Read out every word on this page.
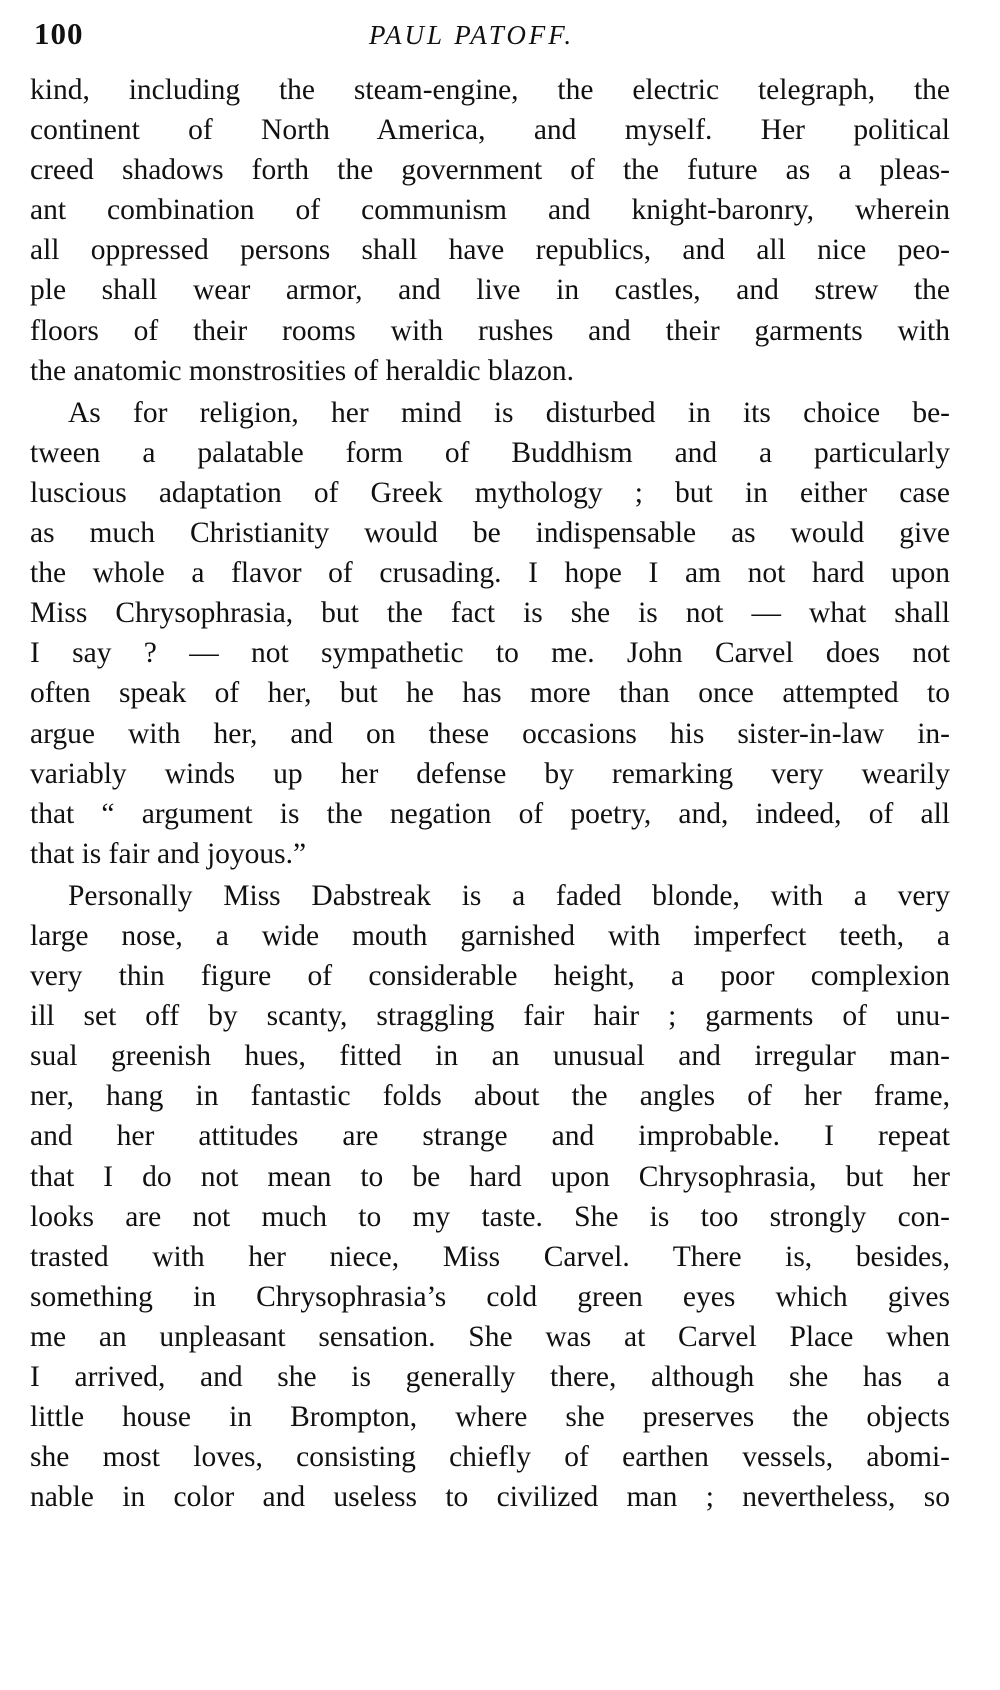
100	PAUL PATOFF.
kind, including the steam-engine, the electric telegraph, the
continent of North America, and myself. Her political
creed shadows forth the government of the future as a pleas-
ant combination of communism and knight-baronry, wherein
all oppressed persons shall have republics, and all nice peo-
ple shall wear armor, and live in castles, and strew the
floors of their rooms with rushes and their garments with
the anatomic monstrosities of heraldic blazon.
As for religion, her mind is disturbed in its choice be-
tween a palatable form of Buddhism and a particularly
luscious adaptation of Greek mythology ; but in either case
as much Christianity would be indispensable as would give
the whole a flavor of crusading. I hope I am not hard upon
Miss Chrysophrasia, but the fact is she is not — what shall
I say ? — not sympathetic to me. John Carvel does not
often speak of her, but he has more than once attempted to
argue with her, and on these occasions his sister-in-law in-
variably winds up her defense by remarking very wearily
that “ argument is the negation of poetry, and, indeed, of all
that is fair and joyous.”
Personally Miss Dabstreak is a faded blonde, with a very
large nose, a wide mouth garnished with imperfect teeth, a
very thin figure of considerable height, a poor complexion
ill set off by scanty, straggling fair hair ; garments of unu-
sual greenish hues, fitted in an unusual and irregular man-
ner, hang in fantastic folds about the angles of her frame,
and her attitudes are strange and improbable. I repeat
that I do not mean to be hard upon Chrysophrasia, but her
looks are not much to my taste. She is too strongly con-
trasted with her niece, Miss Carvel. There is, besides,
something in Chrysophrasia’s cold green eyes which gives
me an unpleasant sensation. She was at Carvel Place when
I arrived, and she is generally there, although she has a
little house in Brompton, where she preserves the objects
she most loves, consisting chiefly of earthen vessels, abomi-
nable in color and useless to civilized man ; nevertheless, so
